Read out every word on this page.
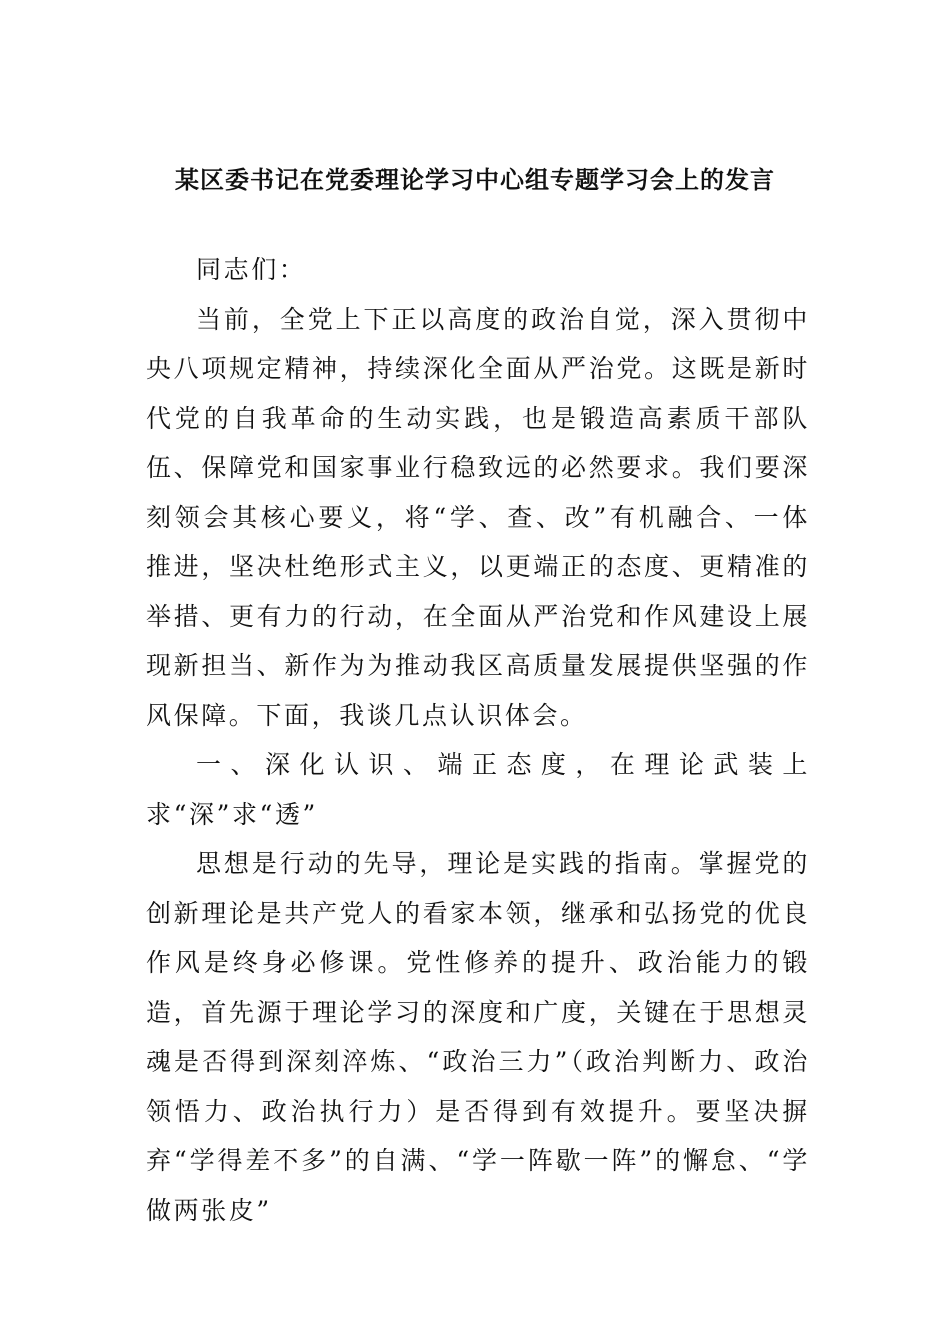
某区委书记在党委理论学习中心组专题学习会上的发言

同志们：

当前，全党上下正以高度的政治自觉，深入贯彻中央八项规定精神，持续深化全面从严治党。这既是新时代党的自我革命的生动实践，也是锻造高素质干部队伍、保障党和国家事业行稳致远的必然要求。我们要深刻领会其核心要义，将“学、查、改”有机融合、一体推进，坚决杜绝形式主义，以更端正的态度、更精准的举措、更有力的行动，在全面从严治党和作风建设上展现新担当、新作为为推动我区高质量发展提供坚强的作风保障。下面，我谈几点认识体会。

一、深化认识、端正态度，在理论武装上求“深”求“透”

思想是行动的先导，理论是实践的指南。掌握党的创新理论是共产党人的看家本领，继承和弘扬党的优良作风是终身必修课。党性修养的提升、政治能力的锻造，首先源于理论学习的深度和广度，关键在于思想灵魂是否得到深刻淬炼、“政治三力”（政治判断力、政治领悟力、政治执行力）是否得到有效提升。要坚决摒弃“学得差不多”的自满、“学一阵歇一阵”的懈怠、“学做两张皮”
